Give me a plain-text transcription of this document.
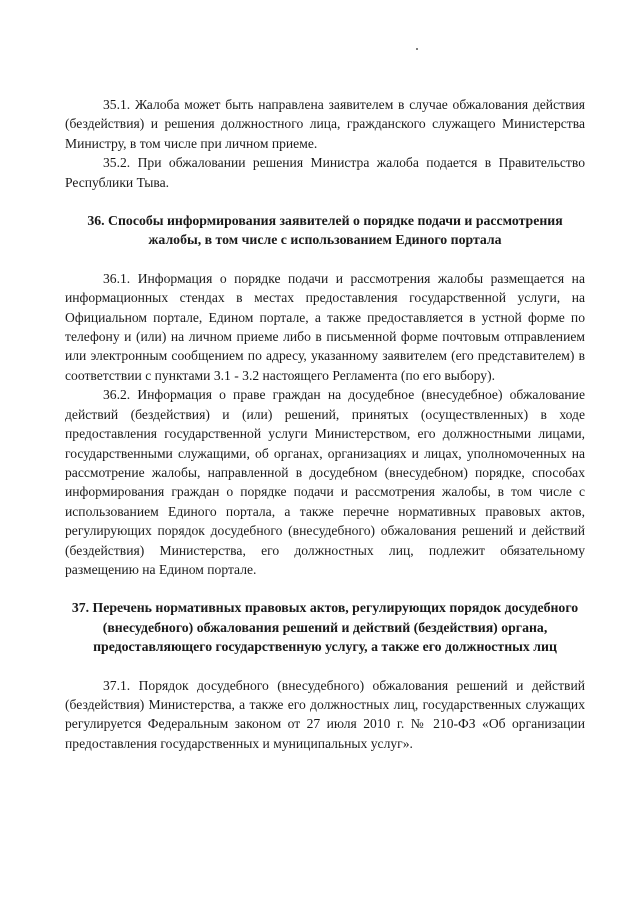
35.1. Жалоба может быть направлена заявителем в случае обжалования действия (бездействия) и решения должностного лица, гражданского служащего Министерства Министру, в том числе при личном приеме.

35.2. При обжаловании решения Министра жалоба подается в Правительство Республики Тыва.

36. Способы информирования заявителей о порядке подачи и рассмотрения жалобы, в том числе с использованием Единого портала

36.1. Информация о порядке подачи и рассмотрения жалобы размещается на информационных стендах в местах предоставления государственной услуги, на Официальном портале, Едином портале, а также предоставляется в устной форме по телефону и (или) на личном приеме либо в письменной форме почтовым отправлением или электронным сообщением по адресу, указанному заявителем (его представителем) в соответствии с пунктами 3.1 - 3.2 настоящего Регламента (по его выбору).

36.2. Информация о праве граждан на досудебное (внесудебное) обжалование действий (бездействия) и (или) решений, принятых (осуществленных) в ходе предоставления государственной услуги Министерством, его должностными лицами, государственными служащими, об органах, организациях и лицах, уполномоченных на рассмотрение жалобы, направленной в досудебном (внесудебном) порядке, способах информирования граждан о порядке подачи и рассмотрения жалобы, в том числе с использованием Единого портала, а также перечне нормативных правовых актов, регулирующих порядок досудебного (внесудебного) обжалования решений и действий (бездействия) Министерства, его должностных лиц, подлежит обязательному размещению на Едином портале.

37. Перечень нормативных правовых актов, регулирующих порядок досудебного (внесудебного) обжалования решений и действий (бездействия) органа, предоставляющего государственную услугу, а также его должностных лиц

37.1. Порядок досудебного (внесудебного) обжалования решений и действий (бездействия) Министерства, а также его должностных лиц, государственных служащих регулируется Федеральным законом от 27 июля 2010 г. № 210-ФЗ «Об организации предоставления государственных и муниципальных услуг».
